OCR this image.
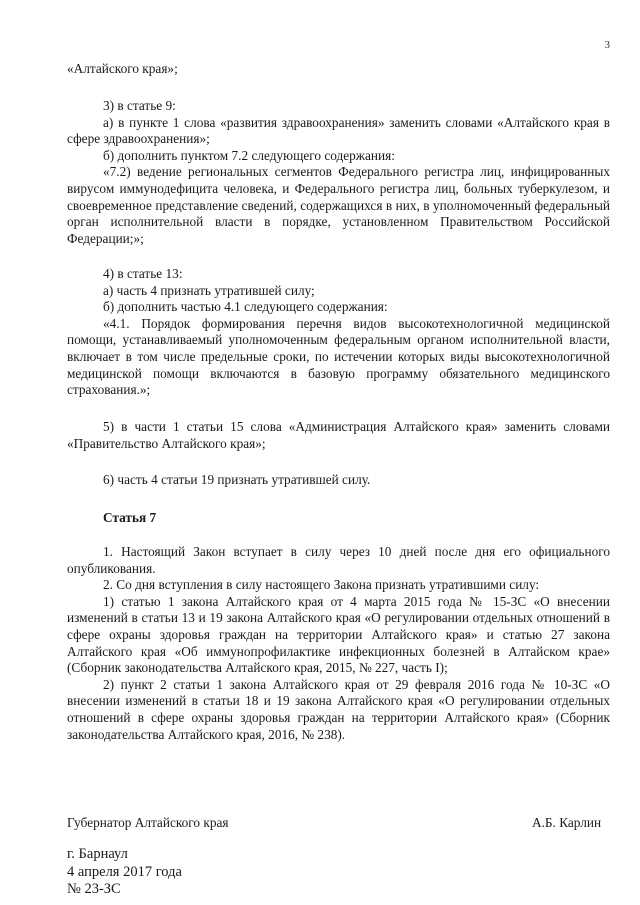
3

«Алтайского края»;

3) в статье 9:

а) в пункте 1 слова «развития здравоохранения» заменить словами «Алтайского края в сфере здравоохранения»;

б) дополнить пунктом 7.2 следующего содержания:

«7.2) ведение региональных сегментов Федерального регистра лиц, инфицированных вирусом иммунодефицита человека, и Федерального регистра лиц, больных туберкулезом, и своевременное представление сведений, содержащихся в них, в уполномоченный федеральный орган исполнительной власти в порядке, установленном Правительством Российской Федерации;»;

4) в статье 13:

а) часть 4 признать утратившей силу;

б) дополнить частью 4.1 следующего содержания:

«4.1. Порядок формирования перечня видов высокотехнологичной медицинской помощи, устанавливаемый уполномоченным федеральным органом исполнительной власти, включает в том числе предельные сроки, по истечении которых виды высокотехнологичной медицинской помощи включаются в базовую программу обязательного медицинского страхования.»;

5) в части 1 статьи 15 слова «Администрация Алтайского края» заменить словами «Правительство Алтайского края»;

6) часть 4 статьи 19 признать утратившей силу.

Статья 7

1. Настоящий Закон вступает в силу через 10 дней после дня его официального опубликования.

2. Со дня вступления в силу настоящего Закона признать утратившими силу:

1) статью 1 закона Алтайского края от 4 марта 2015 года № 15-ЗС «О внесении изменений в статьи 13 и 19 закона Алтайского края «О регулировании отдельных отношений в сфере охраны здоровья граждан на территории Алтайского края» и статью 27 закона Алтайского края «Об иммунопрофилактике инфекционных болезней в Алтайском крае» (Сборник законодательства Алтайского края, 2015, № 227, часть I);

2) пункт 2 статьи 1 закона Алтайского края от 29 февраля 2016 года № 10-ЗС «О внесении изменений в статьи 18 и 19 закона Алтайского края «О регулировании отдельных отношений в сфере охраны здоровья граждан на территории Алтайского края» (Сборник законодательства Алтайского края, 2016, № 238).

Губернатор Алтайского края	А.Б. Карлин
г. Барнаул
4 апреля 2017 года
№ 23-ЗС
